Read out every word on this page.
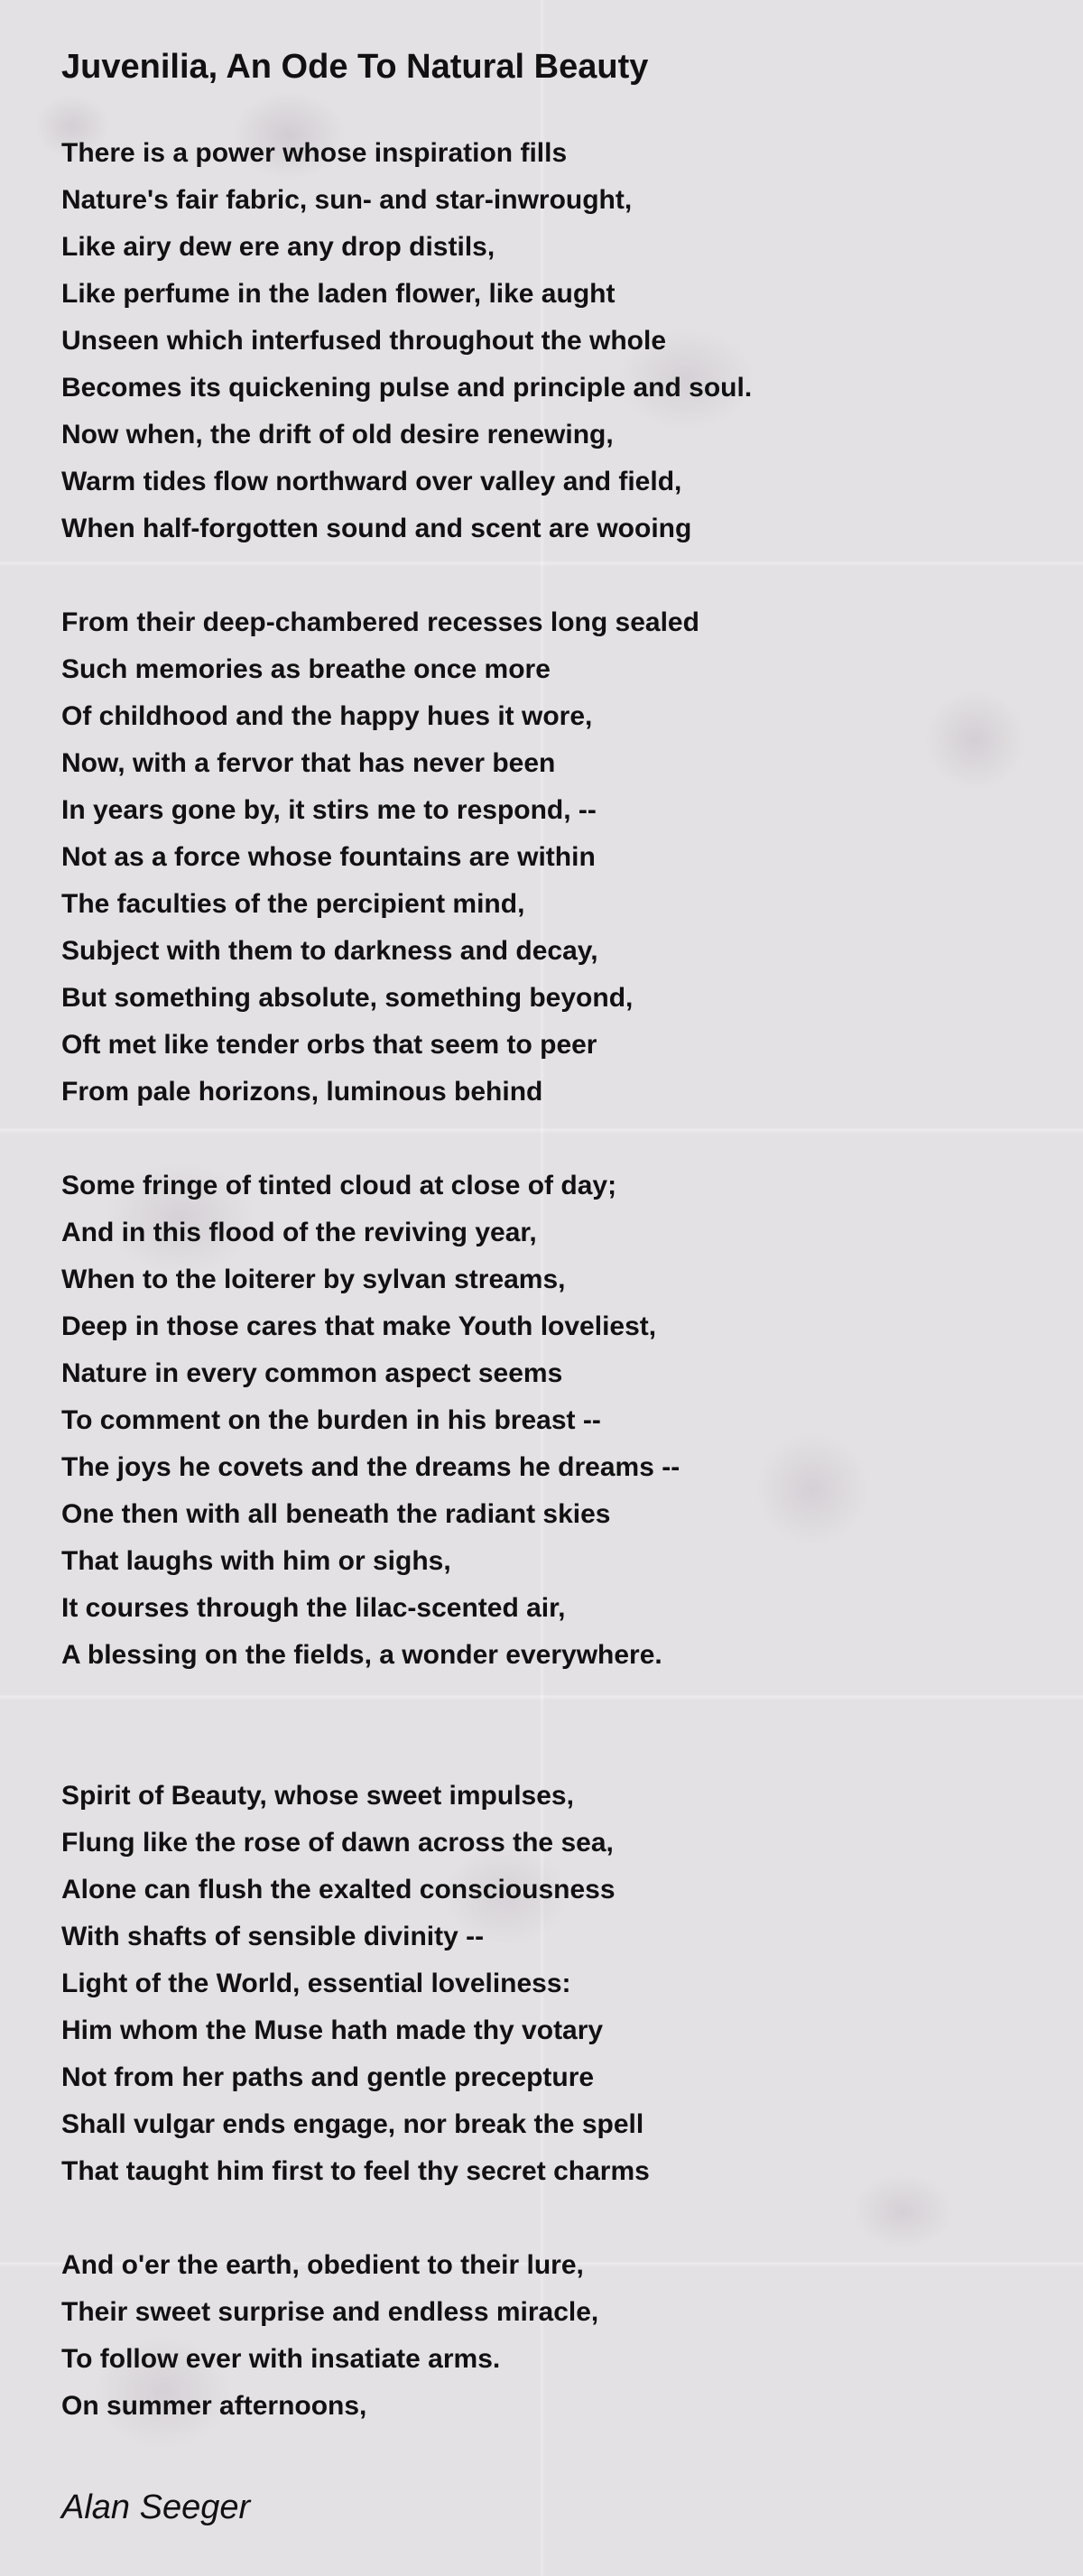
Juvenilia, An Ode To Natural Beauty
There is a power whose inspiration fills
Nature's fair fabric, sun- and star-inwrought,
Like airy dew ere any drop distils,
Like perfume in the laden flower, like aught
Unseen which interfused throughout the whole
Becomes its quickening pulse and principle and soul.
Now when, the drift of old desire renewing,
Warm tides flow northward over valley and field,
When half-forgotten sound and scent are wooing
From their deep-chambered recesses long sealed
Such memories as breathe once more
Of childhood and the happy hues it wore,
Now, with a fervor that has never been
In years gone by, it stirs me to respond, --
Not as a force whose fountains are within
The faculties of the percipient mind,
Subject with them to darkness and decay,
But something absolute, something beyond,
Oft met like tender orbs that seem to peer
From pale horizons, luminous behind
Some fringe of tinted cloud at close of day;
And in this flood of the reviving year,
When to the loiterer by sylvan streams,
Deep in those cares that make Youth loveliest,
Nature in every common aspect seems
To comment on the burden in his breast --
The joys he covets and the dreams he dreams --
One then with all beneath the radiant skies
That laughs with him or sighs,
It courses through the lilac-scented air,
A blessing on the fields, a wonder everywhere.
Spirit of Beauty, whose sweet impulses,
Flung like the rose of dawn across the sea,
Alone can flush the exalted consciousness
With shafts of sensible divinity --
Light of the World, essential loveliness:
Him whom the Muse hath made thy votary
Not from her paths and gentle precepture
Shall vulgar ends engage, nor break the spell
That taught him first to feel thy secret charms
And o'er the earth, obedient to their lure,
Their sweet surprise and endless miracle,
To follow ever with insatiate arms.
On summer afternoons,
Alan Seeger
